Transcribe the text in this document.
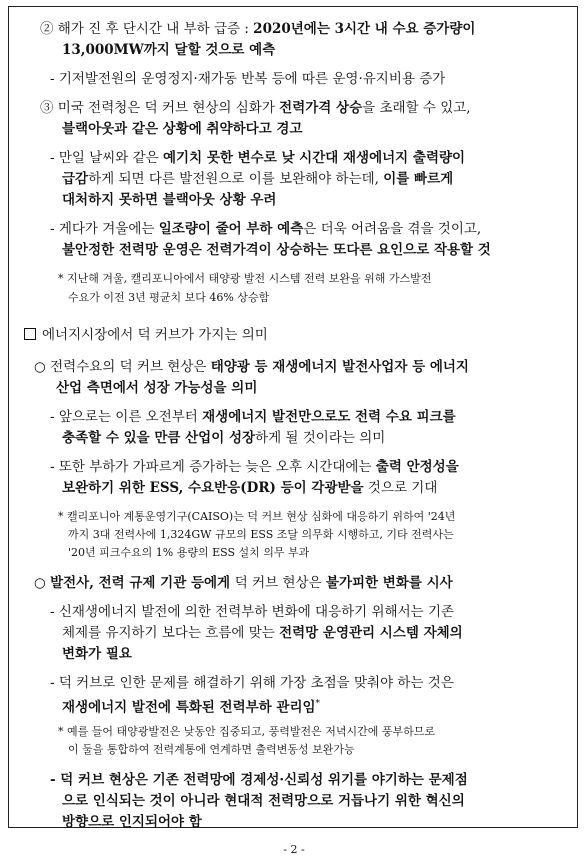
② 해가 진 후 단시간 내 부하 급증 : 2020년에는 3시간 내 수요 증가량이
13,000MW까지 달할 것으로 예측
- 기저발전원의 운영정지·재가동 반복 등에 따른 운영·유지비용 증가
③ 미국 전력청은 덕 커브 현상의 심화가 전력가격 상승을 초래할 수 있고,
블랙아웃과 같은 상황에 취약하다고 경고
- 만일 날씨와 같은 예기치 못한 변수로 낮 시간대 재생에너지 출력량이
급감하게 되면 다른 발전원으로 이를 보완해야 하는데, 이를 빠르게
대처하지 못하면 블랙아웃 상황 우려
- 게다가 겨울에는 일조량이 줄어 부하 예측은 더욱 어려움을 겪을 것이고,
불안정한 전력망 운영은 전력가격이 상승하는 또다른 요인으로 작용할 것
* 지난해 겨울, 캘리포니아에서 태양광 발전 시스템 전력 보완을 위해 가스발전
수요가 이전 3년 평균치 보다 46% 상승함
에너지시장에서 덕 커브가 가지는 의미
○ 전력수요의 덕 커브 현상은 태양광 등 재생에너지 발전사업자 등 에너지
산업 측면에서 성장 가능성을 의미
- 앞으로는 이른 오전부터 재생에너지 발전만으로도 전력 수요 피크를
충족할 수 있을 만큼 산업이 성장하게 될 것이라는 의미
- 또한 부하가 가파르게 증가하는 늦은 오후 시간대에는 출력 안정성을
보완하기 위한 ESS, 수요반응(DR) 등이 각광받을 것으로 기대
* 캘리포니아 계통운영기구(CAISO)는 덕 커브 현상 심화에 대응하기 위하여 '24년
까지 3대 전력사에 1,324GW 규모의 ESS 조달 의무화 시행하고, 기타 전력사는
'20년 피크수요의 1% 용량의 ESS 설치 의무 부과
○ 발전사, 전력 규제 기관 등에게 덕 커브 현상은 불가피한 변화를 시사
- 신재생에너지 발전에 의한 전력부하 변화에 대응하기 위해서는 기존
체제를 유지하기 보다는 흐름에 맞는 전력망 운영관리 시스템 자체의
변화가 필요
- 덕 커브로 인한 문제를 해결하기 위해 가장 초점을 맞춰야 하는 것은
재생에너지 발전에 특화된 전력부하 관리임*
* 예를 들어 태양광발전은 낮동안 집중되고, 풍력발전은 저녁시간에 풍부하므로
이 둘을 통합하여 전력계통에 연계하면 출력변동성 보완가능
- 덕 커브 현상은 기존 전력망에 경제성·신뢰성 위기를 야기하는 문제점
으로 인식되는 것이 아니라 현대적 전력망으로 거듭나기 위한 혁신의
방향으로 인지되어야 함
- 2 -
